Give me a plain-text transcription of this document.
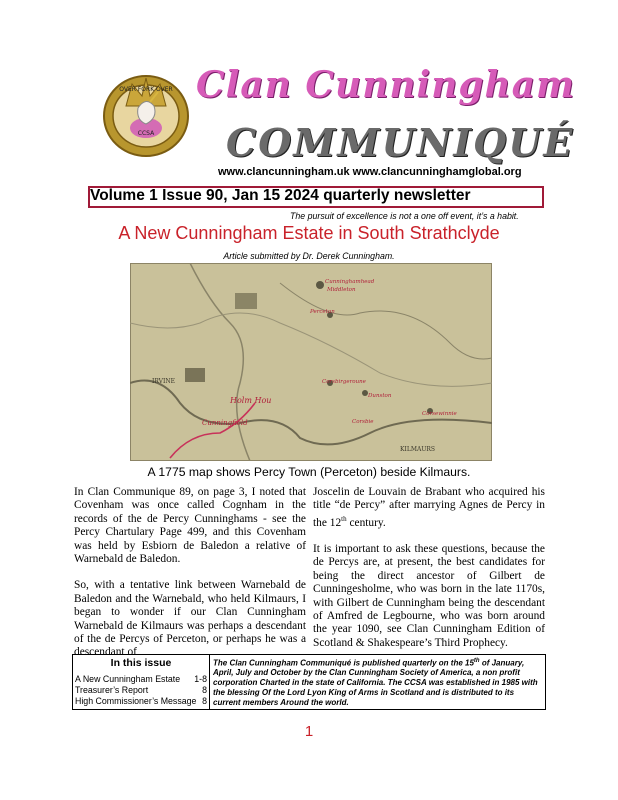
OVER FORK OVER
CCSA
Clan Cunningham
COMMUNIQUÉ
www.clancunningham.uk www.clancunninghamglobal.org
Volume 1 Issue 90, Jan 15 2024 quarterly newsletter
The pursuit of excellence is not a one off event, it’s a habit.
A New Cunningham Estate in South Strathclyde
Article submitted by Dr. Derek Cunningham.
Cunninghamhead
Middleton
Perceton
Holm Hou
Cunningfield
Corsbirgeroune
Dunston
Corsbie
Corsewinnie
IRVINE
KILMAURS
A 1775 map shows Percy Town (Perceton) beside Kilmaurs.

In Clan Communique 89, on page 3, I noted that Covenham was once called Cognham in the records of the de Percy Cunninghams - see the Percy Chartulary Page 499, and this Covenham was held by Esbiorn de Baledon a relative of Warnebald de Baledon.

So, with a tentative link between Warnebald de Baledon and the Warnebald, who held Kilmaurs, I began to wonder if our Clan Cunningham Warnebald de Kilmaurs was perhaps a descendant of the de Percys of Perceton, or perhaps he was a descendant of

Joscelin de Louvain de Brabant who acquired his title “de Percy” after marrying Agnes de Percy in the 12th century.

It is important to ask these questions, because the de Percys are, at present, the best candidates for being the direct ancestor of Gilbert de Cunningesholme, who was born in the late 1170s, with Gilbert de Cunningham being the descendant of Amfred de Legbourne, who was born around the year 1090, see Clan Cunningham Edition of Scotland & Shakespeare’s Third Prophecy.

In this issue
A New Cunningham Estate 1-8
Treasurer’s Report	8
High Commissioner’s Message 8
The Clan Cunningham Communiqué is published quarterly on the 15th of January, April, July and October by the Clan Cunningham Society of America, a non profit corporation Charted in the state of California. The CCSA was established in 1985 with the blessing Of the Lord Lyon King of Arms in Scotland and is distributed to its current members Around the world.
1
